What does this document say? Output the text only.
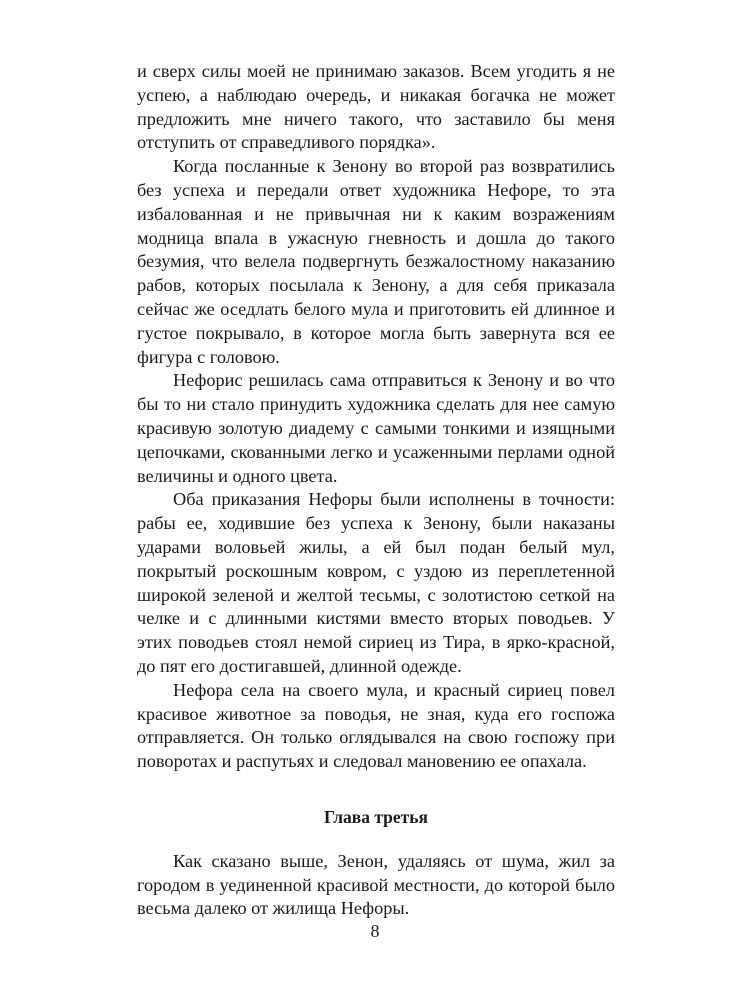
и сверх силы моей не принимаю заказов. Всем угодить я не успею, а наблюдаю очередь, и никакая богачка не может предложить мне ничего такого, что заставило бы меня отступить от справедливого порядка».

Когда посланные к Зенону во второй раз возвратились без успеха и передали ответ художника Нефоре, то эта избалованная и не привычная ни к каким возражениям модница впала в ужасную гневность и дошла до такого безумия, что велела подвергнуть безжалостному наказанию рабов, которых посылала к Зенону, а для себя приказала сейчас же оседлать белого мула и приготовить ей длинное и густое покрывало, в которое могла быть завернута вся ее фигура с головою.

Нефорис решилась сама отправиться к Зенону и во что бы то ни стало принудить художника сделать для нее самую красивую золотую диадему с самыми тонкими и изящными цепочками, скованными легко и усаженными перлами одной величины и одного цвета.

Оба приказания Нефоры были исполнены в точности: рабы ее, ходившие без успеха к Зенону, были наказаны ударами воловьей жилы, а ей был подан белый мул, покрытый роскошным ковром, с уздою из переплетенной широкой зеленой и желтой тесьмы, с золотистою сеткой на челке и с длинными кистями вместо вторых поводьев. У этих поводьев стоял немой сириец из Тира, в ярко-красной, до пят его достигавшей, длинной одежде.

Нефора села на своего мула, и красный сириец повел красивое животное за поводья, не зная, куда его госпожа отправляется. Он только оглядывался на свою госпожу при поворотах и распутьях и следовал мановению ее опахала.

Глава третья

Как сказано выше, Зенон, удаляясь от шума, жил за городом в уединенной красивой местности, до которой было весьма далеко от жилища Нефоры.

8
